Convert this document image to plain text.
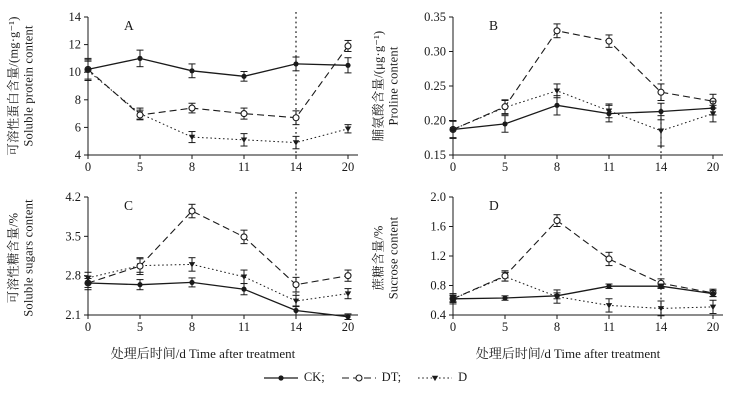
可溶性蛋白含量/(mg·g⁻¹) Soluble protein content
4
6
8
10
12
14
0	5	8	11	14	20
A
脯氨酸含量/(μg·g⁻¹) Proline content
0.15
0.20
0.25
0.30
0.35
0	5	8	11	14	20
B
可溶性糖含量/% Soluble sugars content 2.1
2.8
3.5
4.2
0	5	8	11	14	20
C
处理后时间/d Time after treatment
蔗糖含量/% Sucrose content
0.4
0.8
1.2
1.6
2.0
0	5	8	11	14	20
D
处理后时间/d Time after treatment
CK;	DT;	D
